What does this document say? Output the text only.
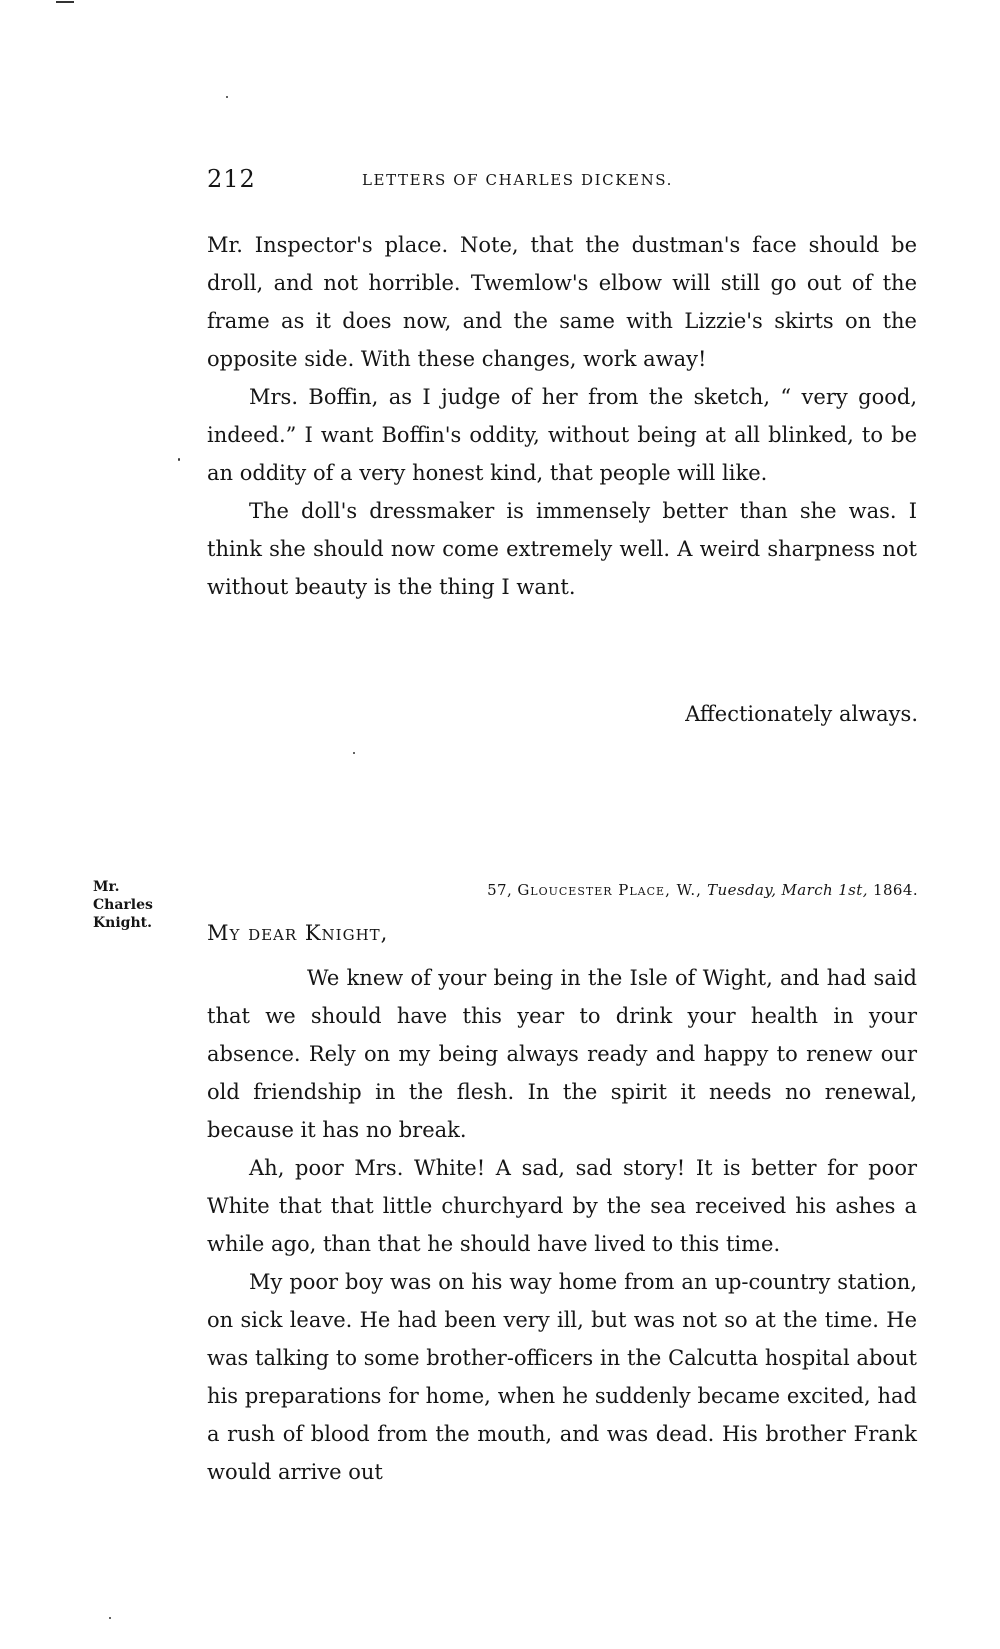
212	LETTERS OF CHARLES DICKENS.

Mr. Inspector's place. Note, that the dustman's face should be droll, and not horrible. Twemlow's elbow will still go out of the frame as it does now, and the same with Lizzie's skirts on the opposite side. With these changes, work away!

Mrs. Boffin, as I judge of her from the sketch, “ very good, indeed.” I want Boffin's oddity, without being at all blinked, to be an oddity of a very honest kind, that people will like.

The doll's dressmaker is immensely better than she was. I think she should now come extremely well. A weird sharpness not without beauty is the thing I want.

Affectionately always.
Mr.
Charles
Knight.
57, Gloucester Place, W., Tuesday, March 1st, 1864.
My dear Knight,

We knew of your being in the Isle of Wight, and had said that we should have this year to drink your health in your absence. Rely on my being always ready and happy to renew our old friendship in the flesh. In the spirit it needs no renewal, because it has no break.

Ah, poor Mrs. White! A sad, sad story! It is better for poor White that that little churchyard by the sea received his ashes a while ago, than that he should have lived to this time.

My poor boy was on his way home from an up-country station, on sick leave. He had been very ill, but was not so at the time. He was talking to some brother-officers in the Calcutta hospital about his preparations for home, when he suddenly became excited, had a rush of blood from the mouth, and was dead. His brother Frank would arrive out
